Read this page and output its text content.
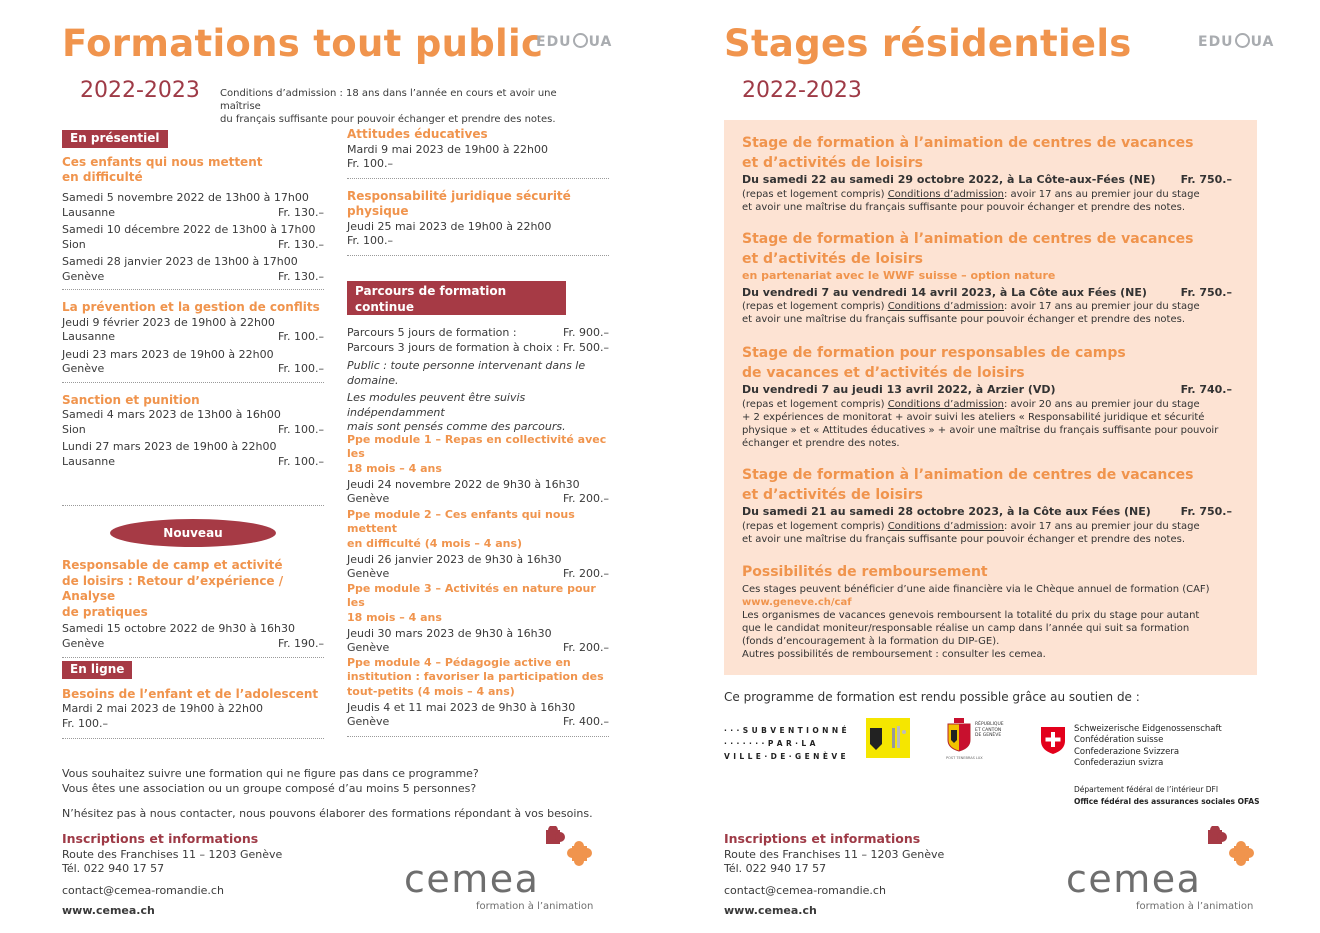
Formations tout public
EDU UA
2022-2023 Conditions d’admission : 18 ans dans l’année en cours et avoir une maîtrise
du français suffisante pour pouvoir échanger et prendre des notes.
En présentiel
Ces enfants qui nous mettent
en difficulté
Samedi 5 novembre 2022 de 13h00 à 17h00
Lausanne	Fr. 130.–
Samedi 10 décembre 2022 de 13h00 à 17h00
Sion	Fr. 130.–
Samedi 28 janvier 2023 de 13h00 à 17h00
Genève	Fr. 130.–
La prévention et la gestion de conflits
Jeudi 9 février 2023 de 19h00 à 22h00
Lausanne	Fr. 100.–
Jeudi 23 mars 2023 de 19h00 à 22h00
Genève	Fr. 100.–
Sanction et punition
Samedi 4 mars 2023 de 13h00 à 16h00
Sion	Fr. 100.–
Lundi 27 mars 2023 de 19h00 à 22h00
Lausanne	Fr. 100.–
Nouveau
Responsable de camp et activité
de loisirs : Retour d’expérience / Analyse
de pratiques
Samedi 15 octobre 2022 de 9h30 à 16h30
Genève	Fr. 190.–
En ligne
Besoins de l’enfant et de l’adolescent
Mardi 2 mai 2023 de 19h00 à 22h00
Fr. 100.–
Attitudes éducatives
Mardi 9 mai 2023 de 19h00 à 22h00
Fr. 100.–
Responsabilité juridique sécurité
physique
Jeudi 25 mai 2023 de 19h00 à 22h00
Fr. 100.–
Parcours de formation continue
« Petite-enfance »
Parcours 5 jours de formation :	Fr. 900.–
Parcours 3 jours de formation à choix : Fr. 500.–
Public : toute personne intervenant dans le
domaine.
Les modules peuvent être suivis indépendamment
mais sont pensés comme des parcours.
Ppe module 1 – Repas en collectivité avec les
18 mois – 4 ans
Jeudi 24 novembre 2022 de 9h30 à 16h30
Genève	Fr. 200.–
Ppe module 2 – Ces enfants qui nous mettent
en difficulté (4 mois – 4 ans)
Jeudi 26 janvier 2023 de 9h30 à 16h30
Genève	Fr. 200.–
Ppe module 3 – Activités en nature pour les
18 mois – 4 ans
Jeudi 30 mars 2023 de 9h30 à 16h30
Genève	Fr. 200.–
Ppe module 4 – Pédagogie active en
institution : favoriser la participation des
tout-petits (4 mois – 4 ans)
Jeudis 4 et 11 mai 2023 de 9h30 à 16h30
Genève	Fr. 400.–
Vous souhaitez suivre une formation qui ne figure pas dans ce programme?
Vous êtes une association ou un groupe composé d’au moins 5 personnes?
N’hésitez pas à nous contacter, nous pouvons élaborer des formations répondant à vos besoins.
Inscriptions et informations
Route des Franchises 11 – 1203 Genève
Tél. 022 940 17 57
contact@cemea-romandie.ch
www.cemea.ch
cemea
formation à l’animation
Stages résidentiels	EDU UA
2022-2023
Stage de formation à l’animation de centres de vacances
et d’activités de loisirs
Du samedi 22 au samedi 29 octobre 2022, à La Côte-aux-Fées (NE) Fr. 750.–
(repas et logement compris) Conditions d’admission: avoir 17 ans au premier jour du stage
et avoir une maîtrise du français suffisante pour pouvoir échanger et prendre des notes.
Stage de formation à l’animation de centres de vacances
et d’activités de loisirs
en partenariat avec le WWF suisse – option nature
Du vendredi 7 au vendredi 14 avril 2023, à La Côte aux Fées (NE)	Fr. 750.–
(repas et logement compris) Conditions d’admission: avoir 17 ans au premier jour du stage
et avoir une maîtrise du français suffisante pour pouvoir échanger et prendre des notes.
Stage de formation pour responsables de camps
de vacances et d’activités de loisirs
Du vendredi 7 au jeudi 13 avril 2022, à Arzier (VD)	Fr. 740.–
(repas et logement compris) Conditions d’admission: avoir 20 ans au premier jour du stage
+ 2 expériences de monitorat + avoir suivi les ateliers « Responsabilité juridique et sécurité
physique » et « Attitudes éducatives » + avoir une maîtrise du français suffisante pour pouvoir
échanger et prendre des notes.
Stage de formation à l’animation de centres de vacances
et d’activités de loisirs
Du samedi 21 au samedi 28 octobre 2023, à la Côte aux Fées (NE)	Fr. 750.–
(repas et logement compris) Conditions d’admission: avoir 17 ans au premier jour du stage
et avoir une maîtrise du français suffisante pour pouvoir échanger et prendre des notes.
Possibilités de remboursement
Ces stages peuvent bénéficier d’une aide financière via le Chèque annuel de formation (CAF)
www.geneve.ch/caf
Les organismes de vacances genevois remboursent la totalité du prix du stage pour autant
que le candidat moniteur/responsable réalise un camp dans l’année qui suit sa formation
(fonds d’encouragement à la formation du DIP-GE).
Autres possibilités de remboursement : consulter les cemea.
Ce programme de formation est rendu possible grâce au soutien de :
· · · S U B V E N T I O N N É
· · · · · · · P A R · L A
V I L L E · D E · G E N È V E
RÉPUBLIQUE
ET CANTON
DE GENÈVE
POST TENEBRAS LUX
Schweizerische Eidgenossenschaft
Confédération suisse
Confederazione Svizzera
Confederaziun svizra
Département fédéral de l’intérieur DFI
Office fédéral des assurances sociales OFAS
Inscriptions et informations
Route des Franchises 11 – 1203 Genève
Tél. 022 940 17 57
contact@cemea-romandie.ch
www.cemea.ch
cemea
formation à l’animation
